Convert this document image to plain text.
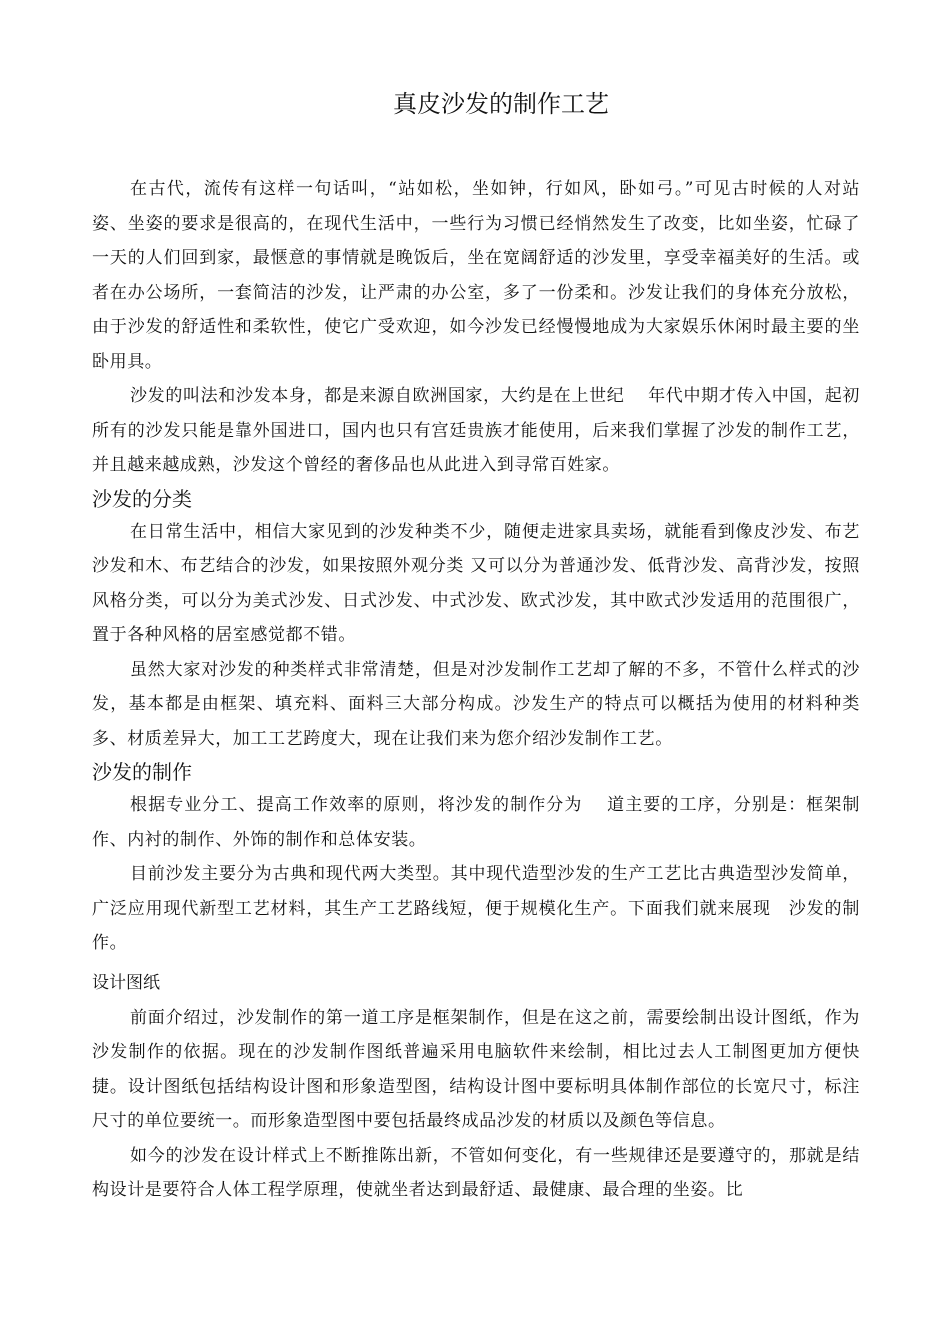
真皮沙发的制作工艺

在古代，流传有这样一句话叫，“站如松，坐如钟，行如风，卧如弓。”可见古时候的人对站姿、坐姿的要求是很高的，在现代生活中，一些行为习惯已经悄然发生了改变，比如坐姿，忙碌了一天的人们回到家，最惬意的事情就是晚饭后，坐在宽阔舒适的沙发里，享受幸福美好的生活。或者在办公场所，一套简洁的沙发，让严肃的办公室，多了一份柔和。沙发让我们的身体充分放松，由于沙发的舒适性和柔软性，使它广受欢迎，如今沙发已经慢慢地成为大家娱乐休闲时最主要的坐卧用具。

沙发的叫法和沙发本身，都是来源自欧洲国家，大约是在上世纪　 年代中期才传入中国，起初所有的沙发只能是靠外国进口，国内也只有宫廷贵族才能使用，后来我们掌握了沙发的制作工艺，并且越来越成熟，沙发这个曾经的奢侈品也从此进入到寻常百姓家。

沙发的分类

在日常生活中，相信大家见到的沙发种类不少，随便走进家具卖场，就能看到像皮沙发、布艺沙发和木、布艺结合的沙发，如果按照外观分类 又可以分为普通沙发、低背沙发、高背沙发，按照风格分类，可以分为美式沙发、日式沙发、中式沙发、欧式沙发，其中欧式沙发适用的范围很广，置于各种风格的居室感觉都不错。

虽然大家对沙发的种类样式非常清楚，但是对沙发制作工艺却了解的不多，不管什么样式的沙发，基本都是由框架、填充料、面料三大部分构成。沙发生产的特点可以概括为使用的材料种类多、材质差异大，加工工艺跨度大，现在让我们来为您介绍沙发制作工艺。

沙发的制作

根据专业分工、提高工作效率的原则，将沙发的制作分为　 道主要的工序，分别是：框架制作、内衬的制作、外饰的制作和总体安装。

目前沙发主要分为古典和现代两大类型。其中现代造型沙发的生产工艺比古典造型沙发简单，广泛应用现代新型工艺材料，其生产工艺路线短，便于规模化生产。下面我们就来展现　沙发的制作。

设计图纸

前面介绍过，沙发制作的第一道工序是框架制作，但是在这之前，需要绘制出设计图纸，作为沙发制作的依据。现在的沙发制作图纸普遍采用电脑软件来绘制，相比过去人工制图更加方便快捷。设计图纸包括结构设计图和形象造型图，结构设计图中要标明具体制作部位的长宽尺寸，标注尺寸的单位要统一。而形象造型图中要包括最终成品沙发的材质以及颜色等信息。

如今的沙发在设计样式上不断推陈出新，不管如何变化，有一些规律还是要遵守的，那就是结构设计是要符合人体工程学原理，使就坐者达到最舒适、最健康、最合理的坐姿。比
